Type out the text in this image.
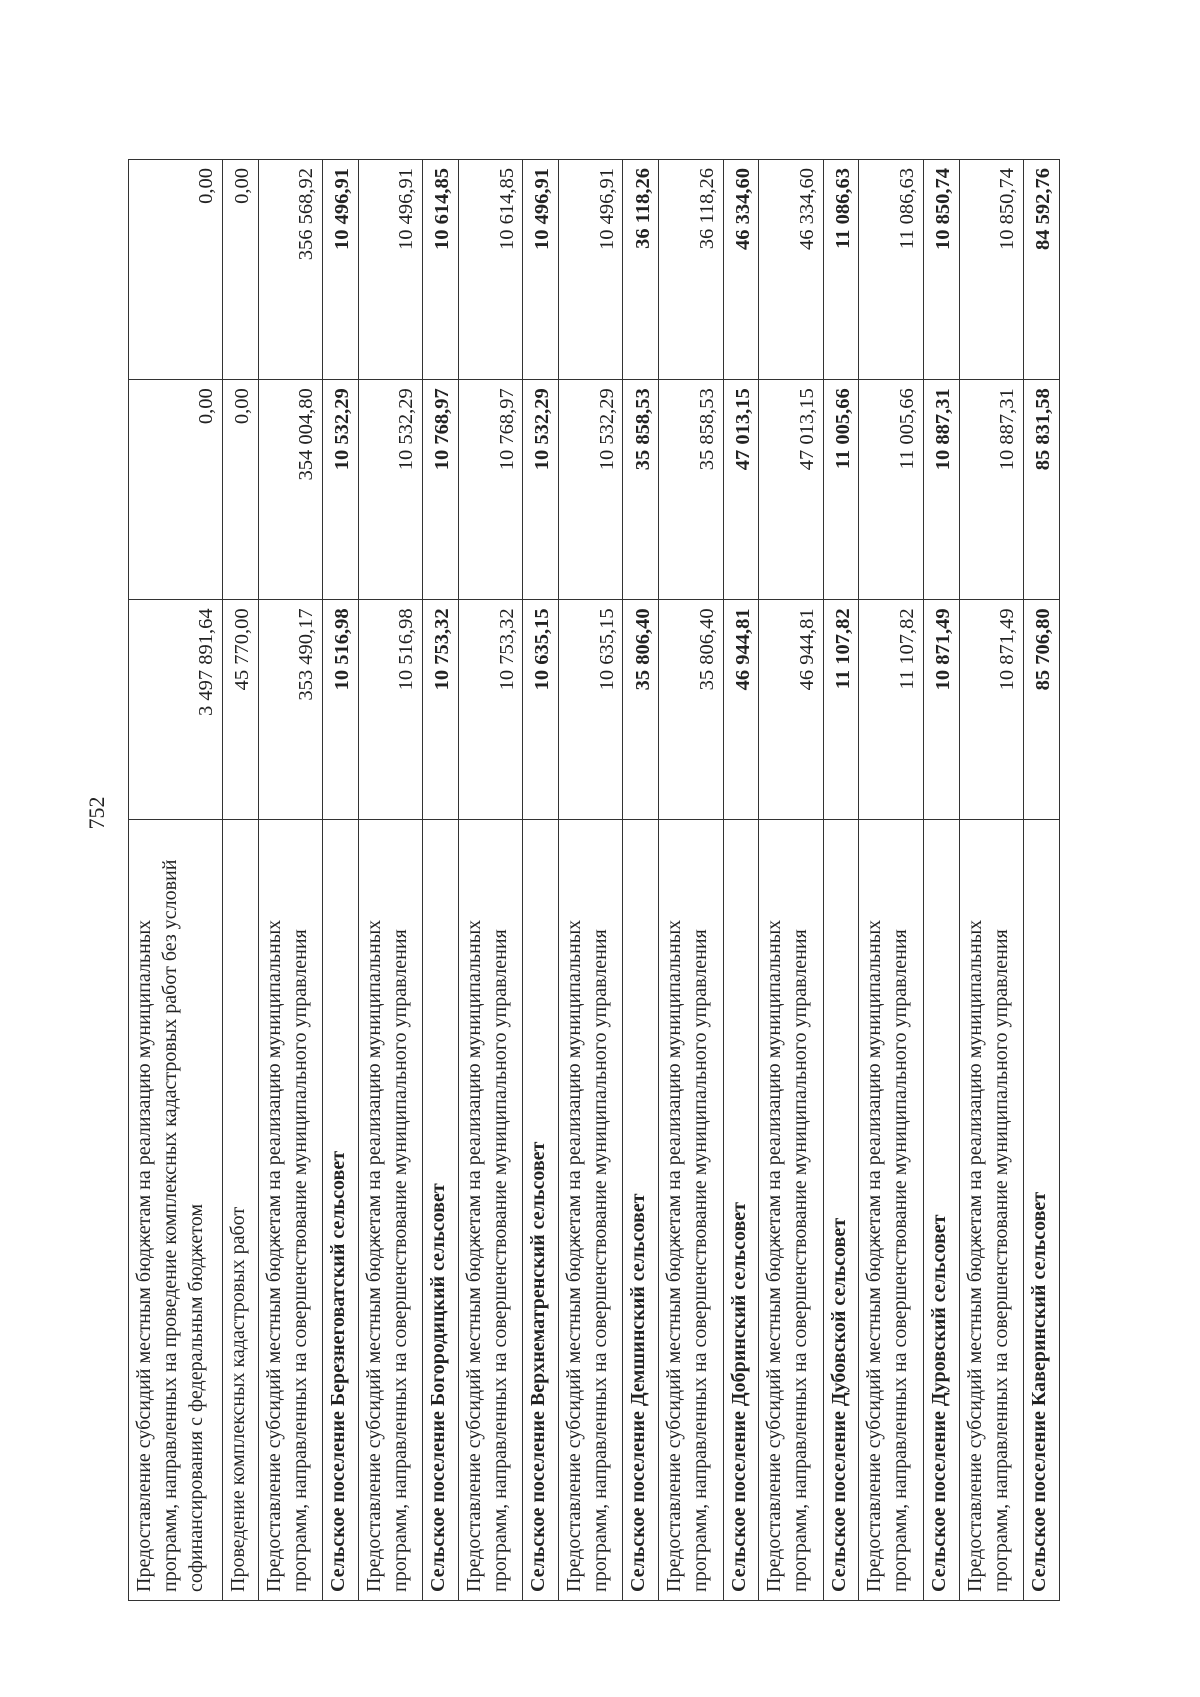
752
Предоставление субсидий местным бюджетам на реализацию муниципальных программ, направленных на проведение комплексных кадастровых работ без условий софинансирования с федеральным бюджетом	3 497 891,64	0,00	0,00
Проведение комплексных кадастровых работ	45 770,00	0,00	0,00
Предоставление субсидий местным бюджетам на реализацию муниципальных программ, направленных на совершенствование муниципального управления	353 490,17	354 004,80	356 568,92
Сельское поселение Березнеговатский сельсовет	10 516,98	10 532,29	10 496,91
Предоставление субсидий местным бюджетам на реализацию муниципальных программ, направленных на совершенствование муниципального управления	10 516,98	10 532,29	10 496,91
Сельское поселение Богородицкий сельсовет	10 753,32	10 768,97	10 614,85
Предоставление субсидий местным бюджетам на реализацию муниципальных программ, направленных на совершенствование муниципального управления	10 753,32	10 768,97	10 614,85
Сельское поселение Верхнематренский сельсовет	10 635,15	10 532,29	10 496,91
Предоставление субсидий местным бюджетам на реализацию муниципальных программ, направленных на совершенствование муниципального управления	10 635,15	10 532,29	10 496,91
Сельское поселение Демшинский сельсовет	35 806,40	35 858,53	36 118,26
Предоставление субсидий местным бюджетам на реализацию муниципальных программ, направленных на совершенствование муниципального управления	35 806,40	35 858,53	36 118,26
Сельское поселение Добринский сельсовет	46 944,81	47 013,15	46 334,60
Предоставление субсидий местным бюджетам на реализацию муниципальных программ, направленных на совершенствование муниципального управления	46 944,81	47 013,15	46 334,60
Сельское поселение Дубовской сельсовет	11 107,82	11 005,66	11 086,63
Предоставление субсидий местным бюджетам на реализацию муниципальных программ, направленных на совершенствование муниципального управления	11 107,82	11 005,66	11 086,63
Сельское поселение Дуровский сельсовет	10 871,49	10 887,31	10 850,74
Предоставление субсидий местным бюджетам на реализацию муниципальных программ, направленных на совершенствование муниципального управления	10 871,49	10 887,31	10 850,74
Сельское поселение Каверинский сельсовет	85 706,80	85 831,58	84 592,76
